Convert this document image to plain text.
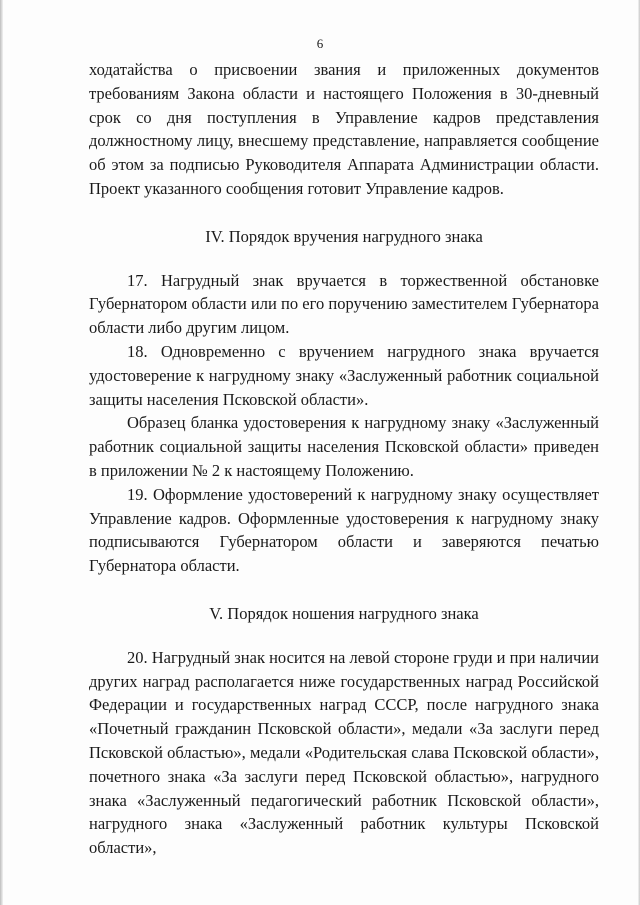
6

ходатайства о присвоении звания и приложенных документов требованиям Закона области и настоящего Положения в 30-дневный срок со дня поступления в Управление кадров представления должностному лицу, внесшему представление, направляется сообщение об этом за подписью Руководителя Аппарата Администрации области. Проект указанного сообщения готовит Управление кадров.

IV. Порядок вручения нагрудного знака

17. Нагрудный знак вручается в торжественной обстановке Губернатором области или по его поручению заместителем Губернатора области либо другим лицом.

18. Одновременно с вручением нагрудного знака вручается удостоверение к нагрудному знаку «Заслуженный работник социальной защиты населения Псковской области».

Образец бланка удостоверения к нагрудному знаку «Заслуженный работник социальной защиты населения Псковской области» приведен в приложении № 2 к настоящему Положению.

19. Оформление удостоверений к нагрудному знаку осуществляет Управление кадров. Оформленные удостоверения к нагрудному знаку подписываются Губернатором области и заверяются печатью Губернатора области.

V. Порядок ношения нагрудного знака

20. Нагрудный знак носится на левой стороне груди и при наличии других наград располагается ниже государственных наград Российской Федерации и государственных наград СССР, после нагрудного знака «Почетный гражданин Псковской области», медали «За заслуги перед Псковской областью», медали «Родительская слава Псковской области», почетного знака «За заслуги перед Псковской областью», нагрудного знака «Заслуженный педагогический работник Псковской области», нагрудного знака «Заслуженный работник культуры Псковской области»,
